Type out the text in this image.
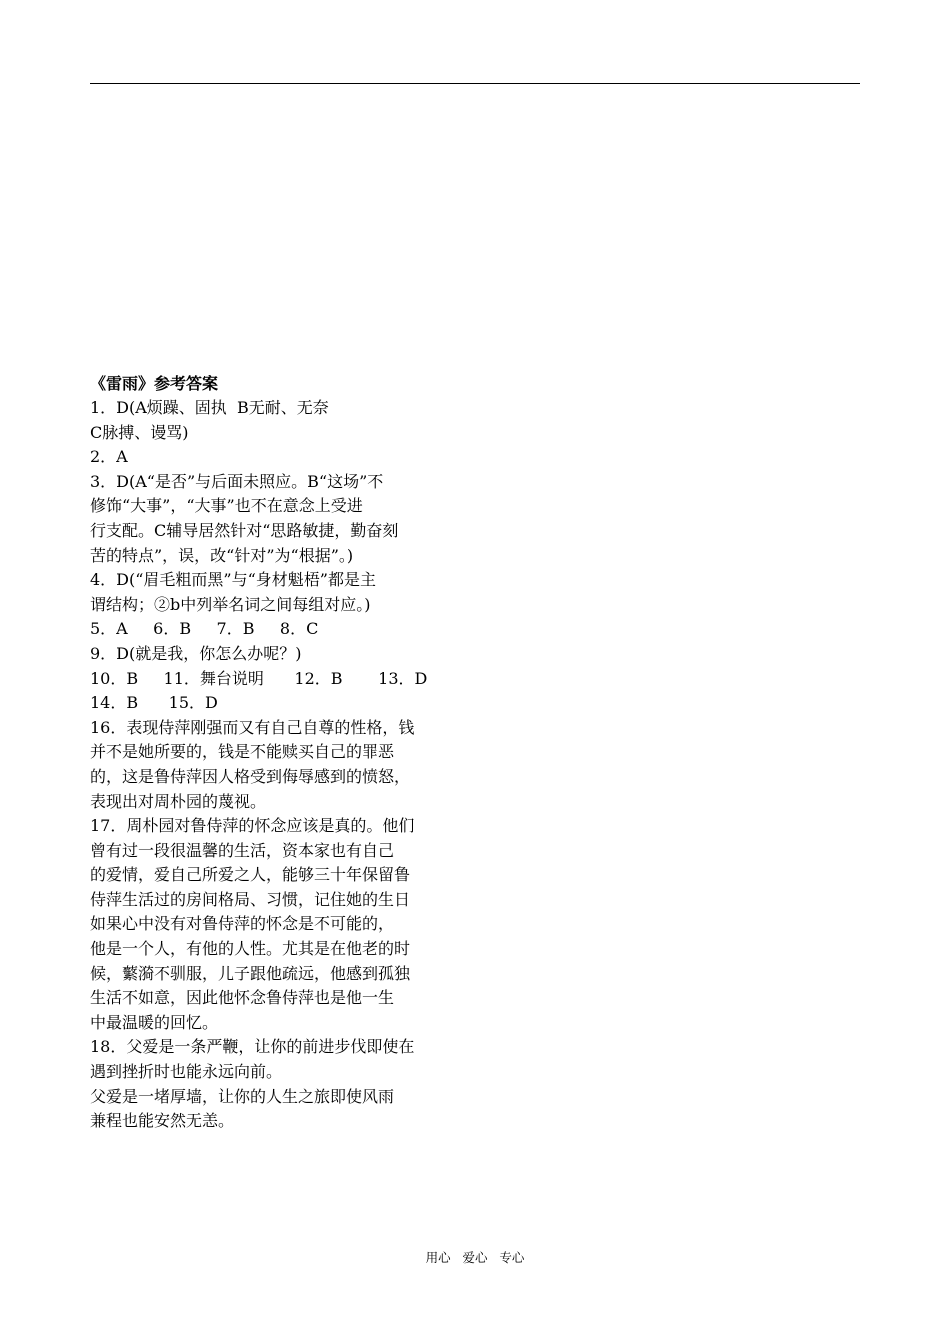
《雷雨》参考答案
1．D(A烦躁、固执  B无耐、无奈
C脉搏、谩骂)
2．A
3．D(A“是否”与后面未照应。B“这场”不
修饰“大事”，“大事”也不在意念上受进
行支配。C辅导居然针对“思路敏捷，勤奋刻
苦的特点”，误，改“针对”为“根据”。)
4．D(“眉毛粗而黑”与“身材魁梧”都是主
谓结构；②b中列举名词之间每组对应。)
5．A     6．B     7．B     8．C
9．D(就是我，你怎么办呢？)
10．B     11．舞台说明      12．B       13．D
14．B      15．D
16．表现侍萍刚强而又有自己自尊的性格，钱
并不是她所要的，钱是不能赎买自己的罪恶
的，这是鲁侍萍因人格受到侮辱感到的愤怒，
表现出对周朴园的蔑视。
17．周朴园对鲁侍萍的怀念应该是真的。他们
曾有过一段很温馨的生活，资本家也有自己
的爱情，爱自己所爱之人，能够三十年保留鲁
侍萍生活过的房间格局、习惯，记住她的生日
如果心中没有对鲁侍萍的怀念是不可能的，
他是一个人，有他的人性。尤其是在他老的时
候，蘩漪不驯服，儿子跟他疏远，他感到孤独
生活不如意，因此他怀念鲁侍萍也是他一生
中最温暖的回忆。
18．父爱是一条严鞭，让你的前进步伐即使在
遇到挫折时也能永远向前。
父爱是一堵厚墙，让你的人生之旅即使风雨
兼程也能安然无恙。
用心   爱心   专心
